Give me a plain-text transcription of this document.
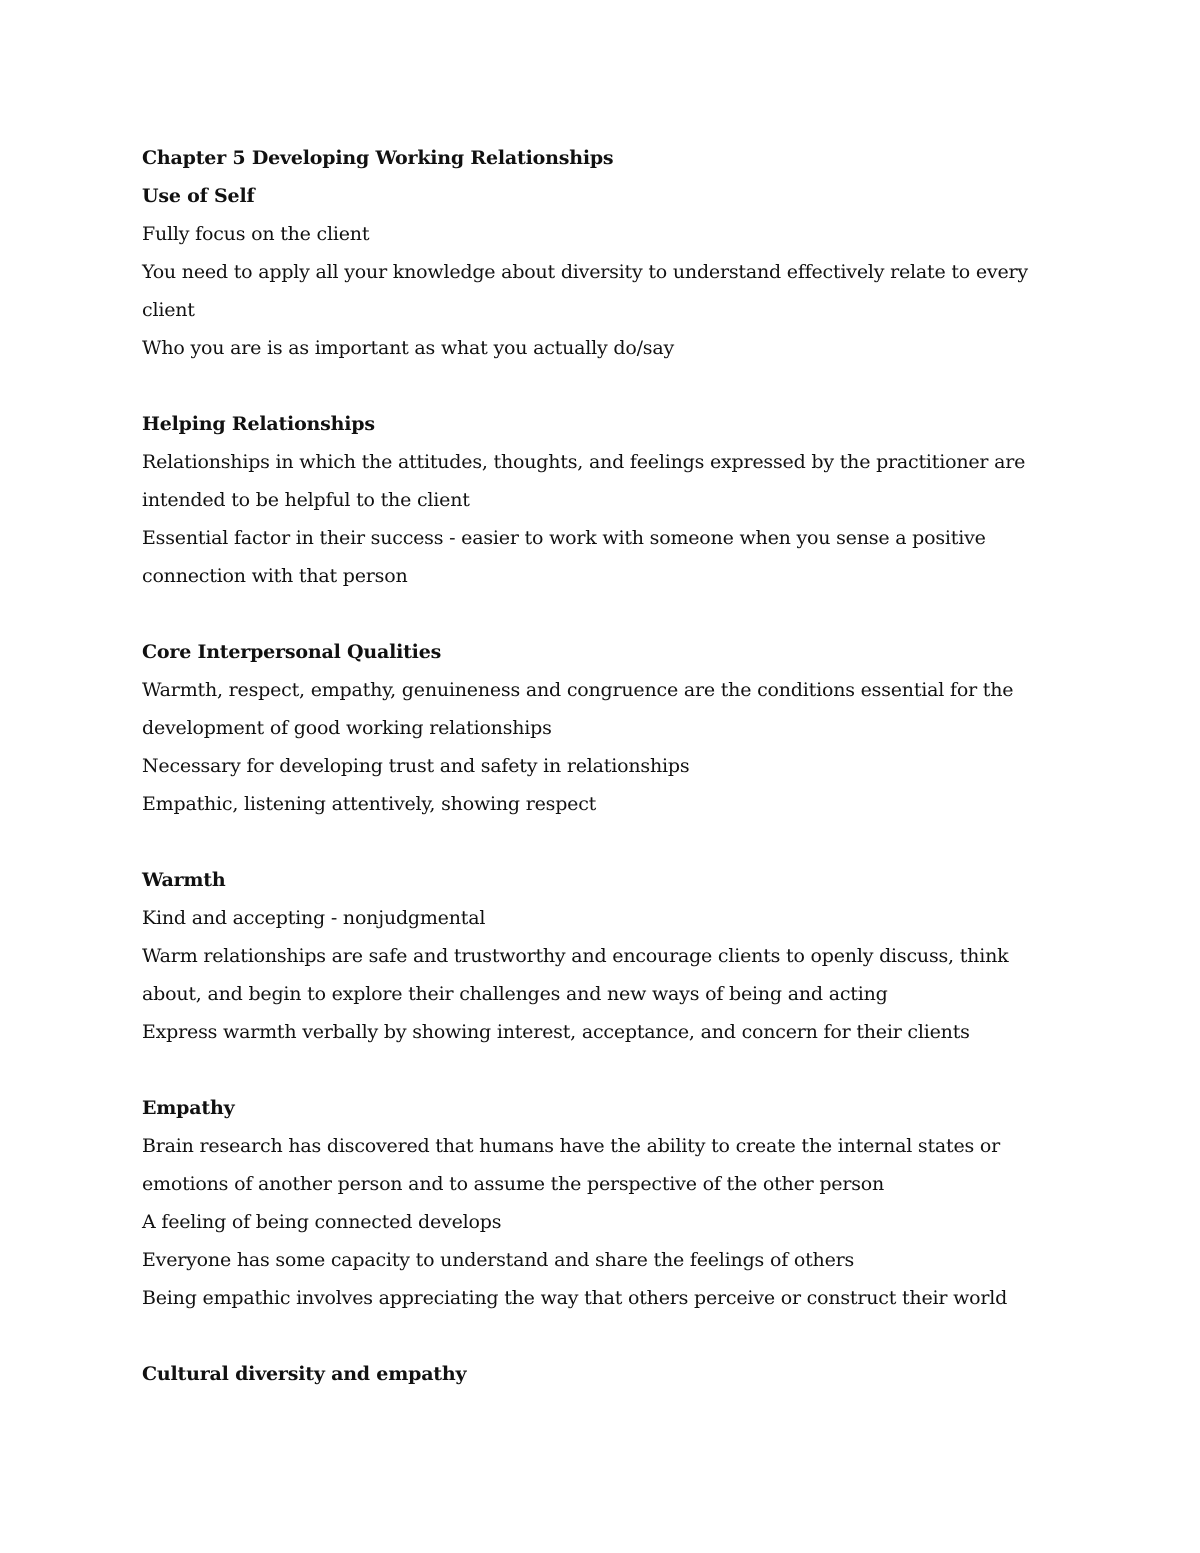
Chapter 5 Developing Working Relationships
Use of Self
Fully focus on the client
You need to apply all your knowledge about diversity to understand effectively relate to every
client
Who you are is as important as what you actually do/say
Helping Relationships
Relationships in which the attitudes, thoughts, and feelings expressed by the practitioner are
intended to be helpful to the client
Essential factor in their success - easier to work with someone when you sense a positive
connection with that person
Core Interpersonal Qualities
Warmth, respect, empathy, genuineness and congruence are the conditions essential for the
development of good working relationships
Necessary for developing trust and safety in relationships
Empathic, listening attentively, showing respect
Warmth
Kind and accepting - nonjudgmental
Warm relationships are safe and trustworthy and encourage clients to openly discuss, think
about, and begin to explore their challenges and new ways of being and acting
Express warmth verbally by showing interest, acceptance, and concern for their clients
Empathy
Brain research has discovered that humans have the ability to create the internal states or
emotions of another person and to assume the perspective of the other person
A feeling of being connected develops
Everyone has some capacity to understand and share the feelings of others
Being empathic involves appreciating the way that others perceive or construct their world
Cultural diversity and empathy
